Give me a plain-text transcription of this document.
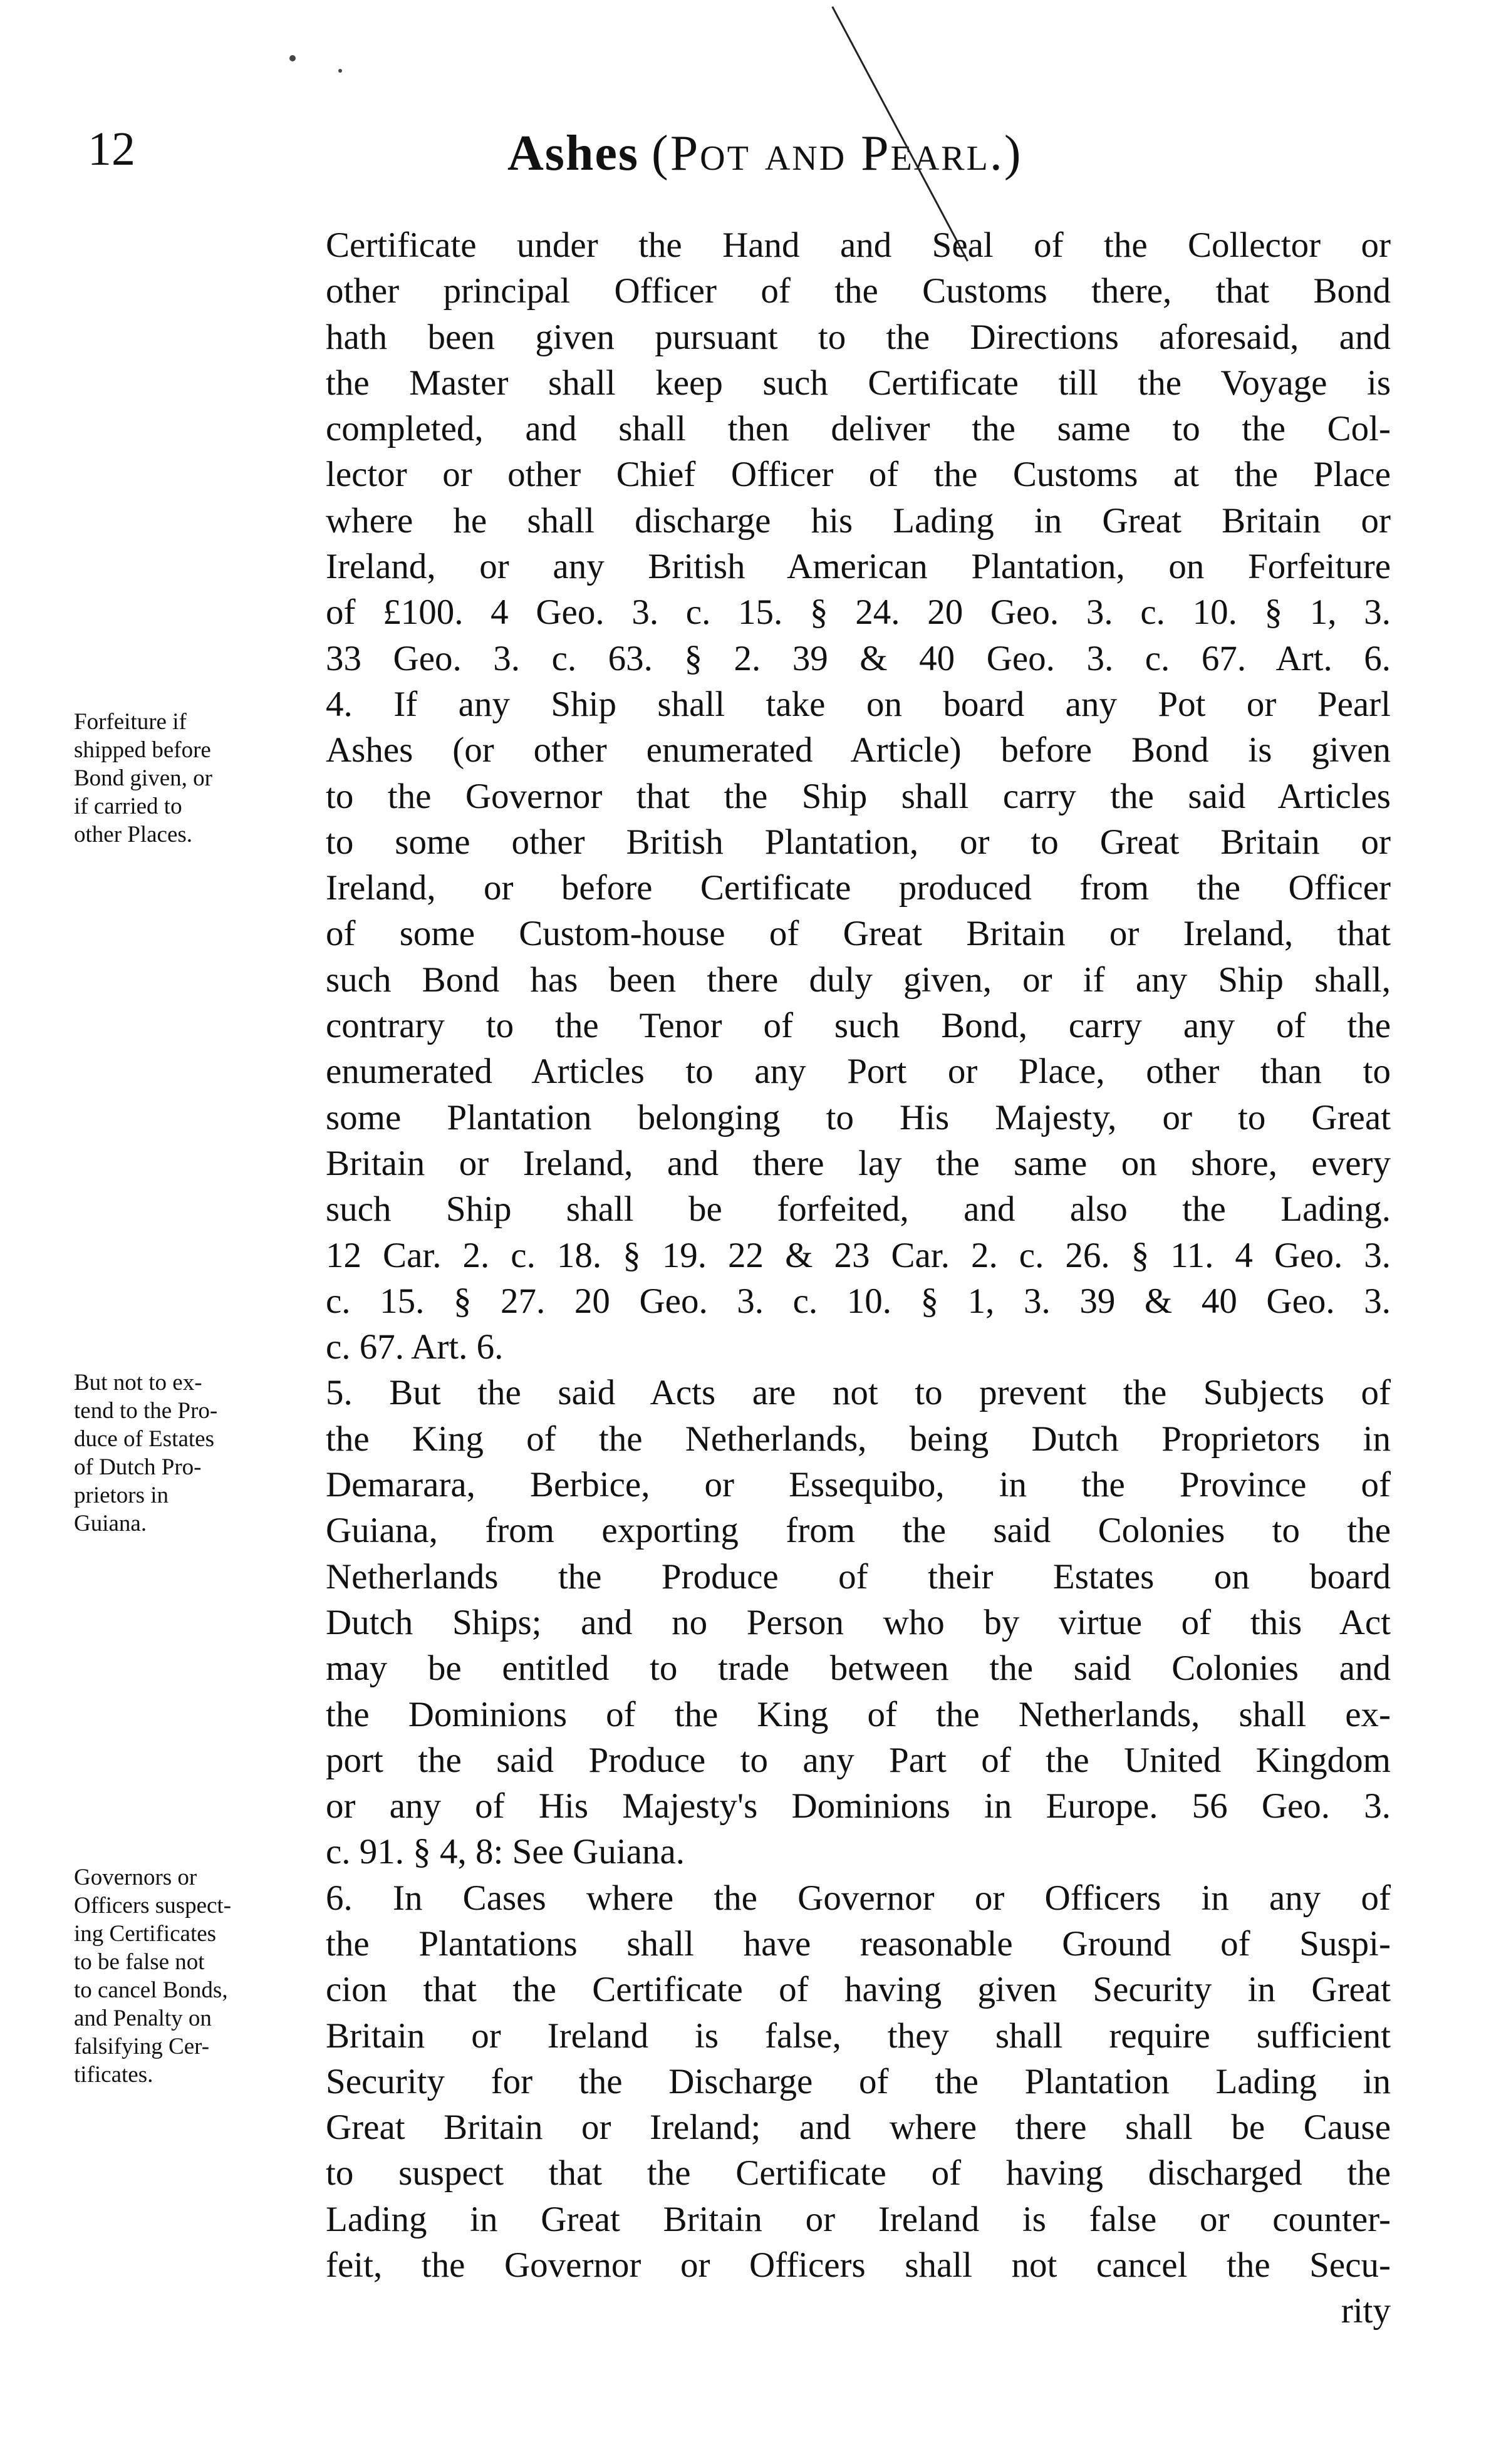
12	Ashes (Pot and Pearl.)
Forfeiture if
shipped before
Bond given, or
if carried to
other Places.
But not to ex-
tend to the Pro-
duce of Estates
of Dutch Pro-
prietors in
Guiana.
Governors or
Officers suspect-
ing Certificates
to be false not
to cancel Bonds,
and Penalty on
falsifying Cer-
tificates.
Certificate under the Hand and Seal of the Collector or
other principal Officer of the Customs there, that Bond
hath been given pursuant to the Directions aforesaid, and
the Master shall keep such Certificate till the Voyage is
completed, and shall then deliver the same to the Col-
lector or other Chief Officer of the Customs at the Place
where he shall discharge his Lading in Great Britain or
Ireland, or any British American Plantation, on Forfeiture
of £100. 4 Geo. 3. c. 15. § 24. 20 Geo. 3. c. 10. § 1, 3.
33 Geo. 3. c. 63. § 2. 39 & 40 Geo. 3. c. 67. Art. 6.
4. If any Ship shall take on board any Pot or Pearl
Ashes (or other enumerated Article) before Bond is given
to the Governor that the Ship shall carry the said Articles
to some other British Plantation, or to Great Britain or
Ireland, or before Certificate produced from the Officer
of some Custom-house of Great Britain or Ireland, that
such Bond has been there duly given, or if any Ship shall,
contrary to the Tenor of such Bond, carry any of the
enumerated Articles to any Port or Place, other than to
some Plantation belonging to His Majesty, or to Great
Britain or Ireland, and there lay the same on shore, every
such Ship shall be forfeited, and also the Lading.
12 Car. 2. c. 18. § 19. 22 & 23 Car. 2. c. 26. § 11. 4 Geo. 3.
c. 15. § 27. 20 Geo. 3. c. 10. § 1, 3. 39 & 40 Geo. 3.
c. 67. Art. 6.
5. But the said Acts are not to prevent the Subjects of
the King of the Netherlands, being Dutch Proprietors in
Demarara, Berbice, or Essequibo, in the Province of
Guiana, from exporting from the said Colonies to the
Netherlands the Produce of their Estates on board
Dutch Ships; and no Person who by virtue of this Act
may be entitled to trade between the said Colonies and
the Dominions of the King of the Netherlands, shall ex-
port the said Produce to any Part of the United Kingdom
or any of His Majesty's Dominions in Europe. 56 Geo. 3.
c. 91. § 4, 8: See Guiana.
6. In Cases where the Governor or Officers in any of
the Plantations shall have reasonable Ground of Suspi-
cion that the Certificate of having given Security in Great
Britain or Ireland is false, they shall require sufficient
Security for the Discharge of the Plantation Lading in
Great Britain or Ireland; and where there shall be Cause
to suspect that the Certificate of having discharged the
Lading in Great Britain or Ireland is false or counter-
feit, the Governor or Officers shall not cancel the Secu-
rity
